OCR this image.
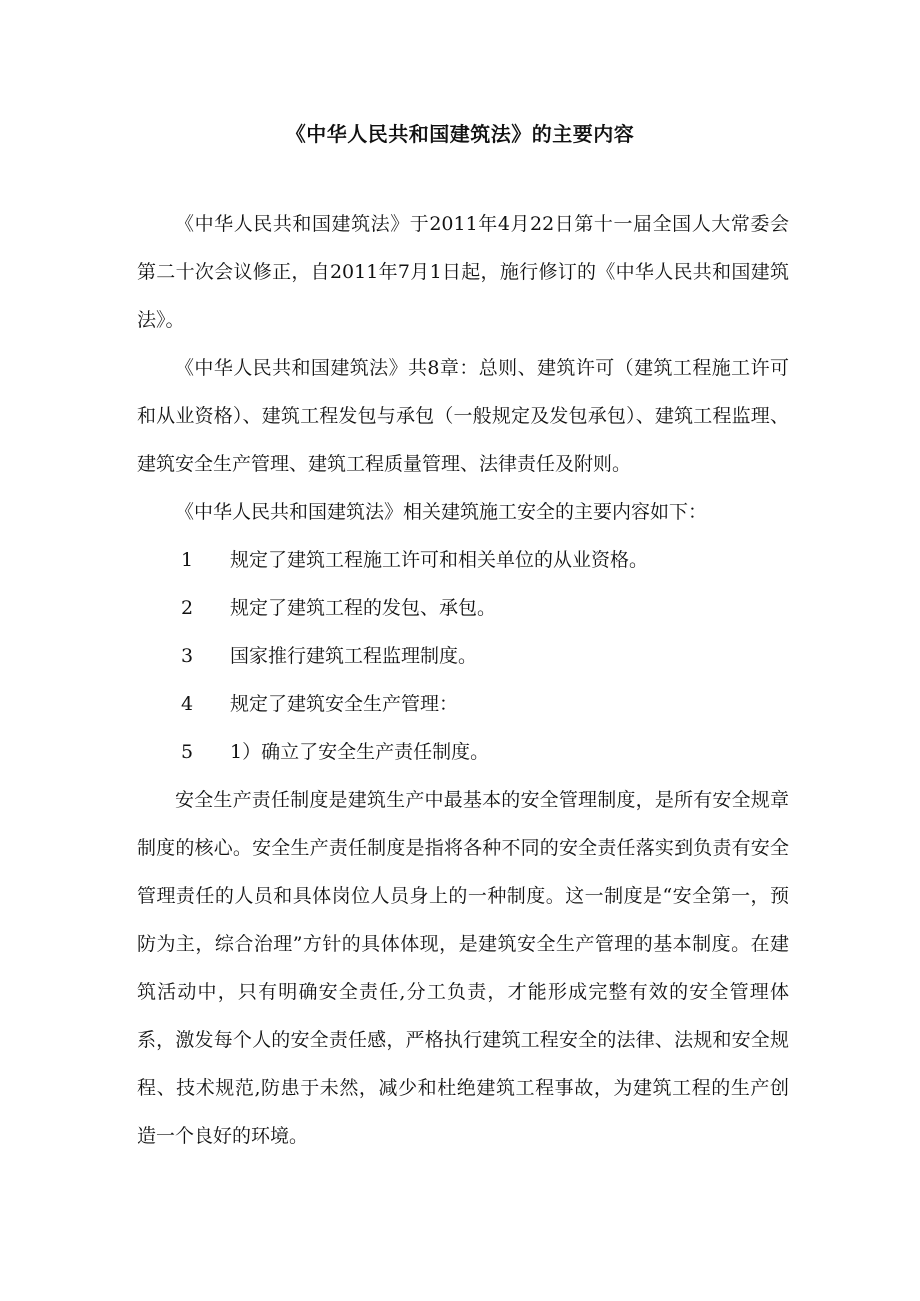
《中华人民共和国建筑法》的主要内容

《中华人民共和国建筑法》于2011年4月22日第十一届全国人大常委会第二十次会议修正，自2011年7月1日起，施行修订的《中华人民共和国建筑法》。

《中华人民共和国建筑法》共8章：总则、建筑许可（建筑工程施工许可和从业资格）、建筑工程发包与承包（一般规定及发包承包）、建筑工程监理、建筑安全生产管理、建筑工程质量管理、法律责任及附则。

《中华人民共和国建筑法》相关建筑施工安全的主要内容如下：

1 规定了建筑工程施工许可和相关单位的从业资格。
2 规定了建筑工程的发包、承包。
3 国家推行建筑工程监理制度。
4 规定了建筑安全生产管理：
5 1）确立了安全生产责任制度。

安全生产责任制度是建筑生产中最基本的安全管理制度，是所有安全规章制度的核心。安全生产责任制度是指将各种不同的安全责任落实到负责有安全管理责任的人员和具体岗位人员身上的一种制度。这一制度是“安全第一，预防为主，综合治理”方针的具体体现，是建筑安全生产管理的基本制度。在建筑活动中，只有明确安全责任,分工负责，才能形成完整有效的安全管理体系，激发每个人的安全责任感，严格执行建筑工程安全的法律、法规和安全规程、技术规范,防患于未然，减少和杜绝建筑工程事故，为建筑工程的生产创造一个良好的环境。
